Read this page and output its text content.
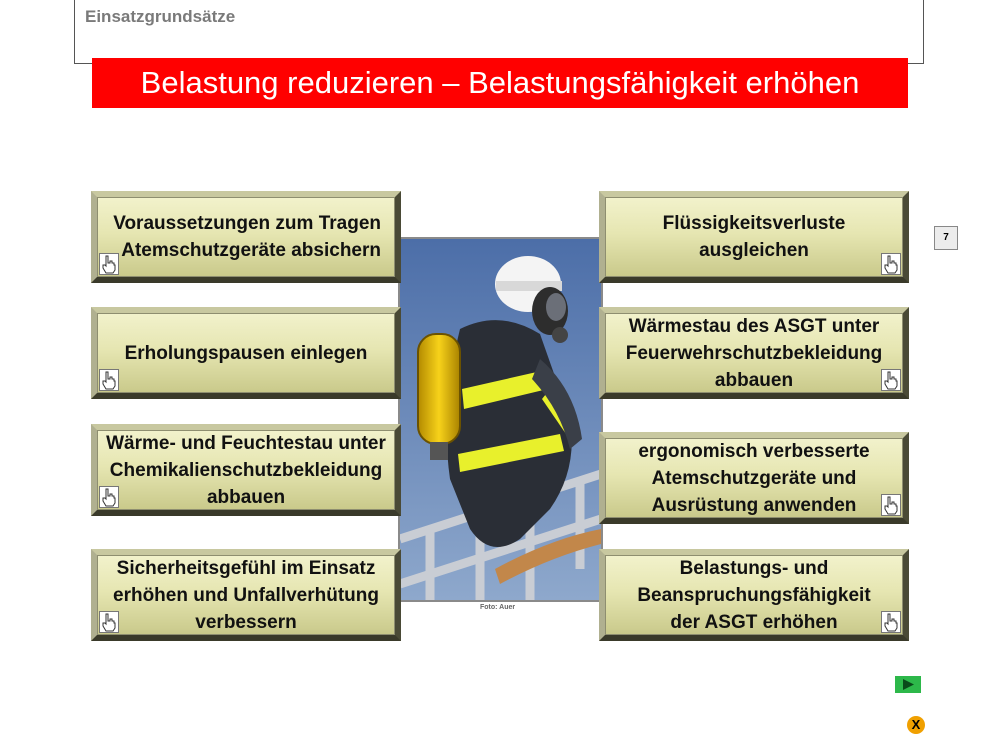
Einsatzgrundsätze
Belastung reduzieren – Belastungsfähigkeit erhöhen
Foto: Auer
Voraussetzungen zum Tragen
Atemschutzgeräte absichern
Erholungspausen einlegen
Wärme- und Feuchtestau unter
Chemikalienschutzbekleidung
abbauen
Sicherheitsgefühl im Einsatz
erhöhen und Unfallverhütung
verbessern
Flüssigkeitsverluste
ausgleichen
Wärmestau des ASGT unter
Feuerwehrschutzbekleidung
abbauen
ergonomisch verbesserte
Atemschutzgeräte und
Ausrüstung anwenden
Belastungs- und
Beanspruchungsfähigkeit
der ASGT erhöhen
7
X
